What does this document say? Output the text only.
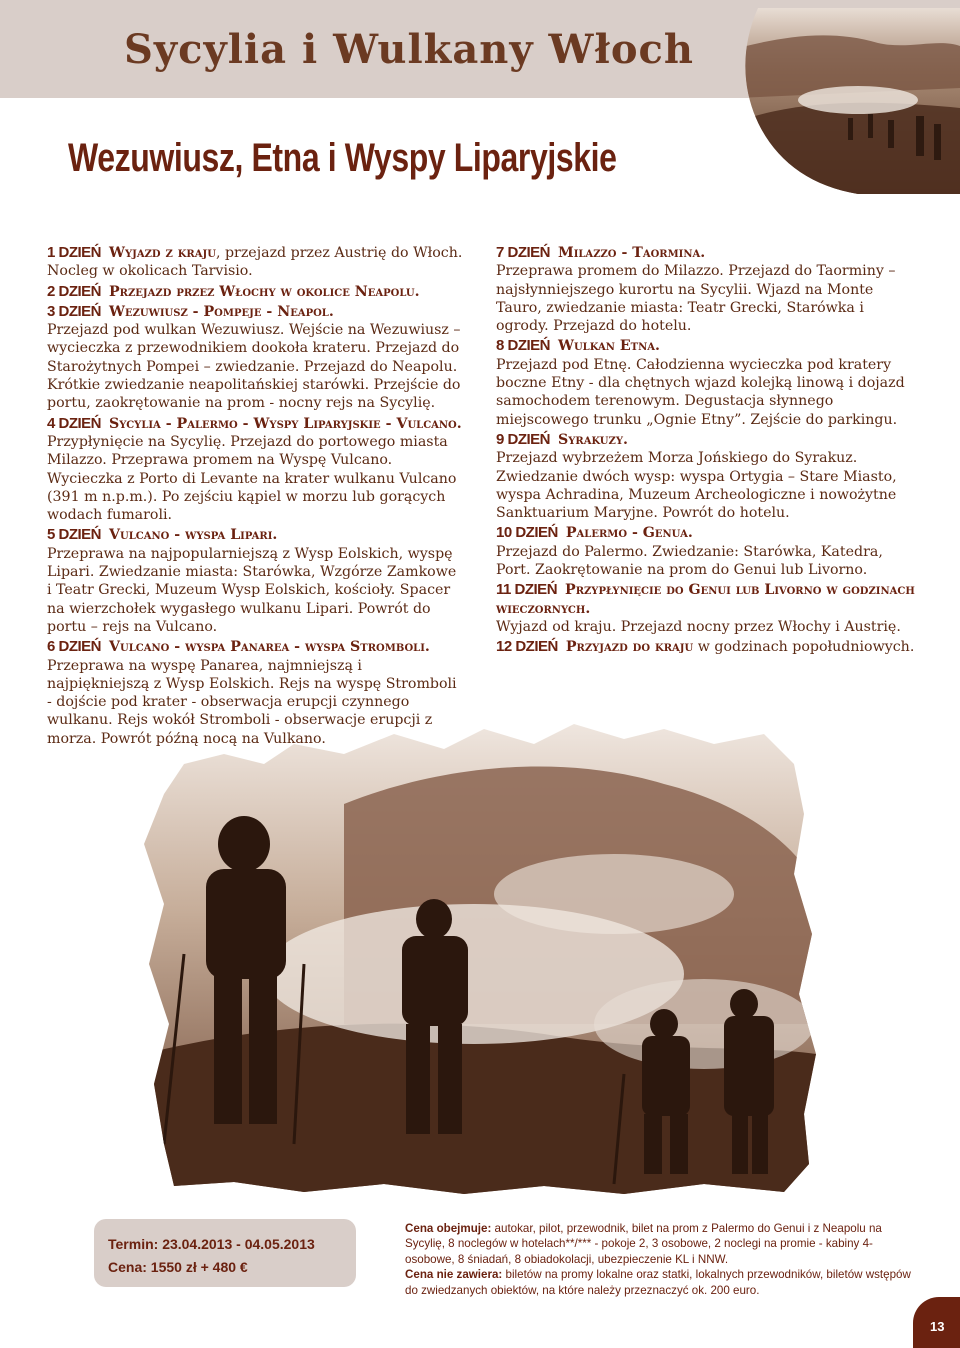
Sycylia i Wulkany Włoch
Wezuwiusz, Etna i Wyspy Liparyjskie
1 DZIEŃ Wyjazd z kraju, przejazd przez Austrię do Włoch. Nocleg w okolicach Tarvisio.
2 DZIEŃ Przejazd przez Włochy w okolice Neapolu.
3 DZIEŃ Wezuwiusz - Pompeje - Neapol.
Przejazd pod wulkan Wezuwiusz. Wejście na Wezuwiusz – wycieczka z przewodnikiem dookoła krateru. Przejazd do Starożytnych Pompei – zwiedzanie. Przejazd do Neapolu. Krótkie zwiedzanie neapolitańskiej starówki. Przejście do portu, zaokrętowanie na prom - nocny rejs na Sycylię.
4 DZIEŃ Sycylia - Palermo - Wyspy Liparyjskie - Vulcano.
Przypłynięcie na Sycylię. Przejazd do portowego miasta Milazzo. Przeprawa promem na Wyspę Vulcano. Wycieczka z Porto di Levante na krater wulkanu Vulcano (391 m n.p.m.). Po zejściu kąpiel w morzu lub gorących wodach fumaroli.
5 DZIEŃ Vulcano - wyspa Lipari.
Przeprawa na najpopularniejszą z Wysp Eolskich, wyspę Lipari. Zwiedzanie miasta: Starówka, Wzgórze Zamkowe i Teatr Grecki, Muzeum Wysp Eolskich, kościoły. Spacer na wierzchołek wygasłego wulkanu Lipari. Powrót do portu – rejs na Vulcano.
6 DZIEŃ Vulcano - wyspa Panarea - wyspa Stromboli.
Przeprawa na wyspę Panarea, najmniejszą i najpiękniejszą z Wysp Eolskich. Rejs na wyspę Stromboli - dojście pod krater - obserwacja erupcji czynnego wulkanu. Rejs wokół Stromboli - obserwacje erupcji z morza. Powrót późną nocą na Vulkano.
7 DZIEŃ Milazzo - Taormina.
Przeprawa promem do Milazzo. Przejazd do Taorminy – najsłynniejszego kurortu na Sycylii. Wjazd na Monte Tauro, zwiedzanie miasta: Teatr Grecki, Starówka i ogrody. Przejazd do hotelu.
8 DZIEŃ Wulkan Etna.
Przejazd pod Etnę. Całodzienna wycieczka pod kratery boczne Etny - dla chętnych wjazd kolejką linową i dojazd samochodem terenowym. Degustacja słynnego miejscowego trunku „Ognie Etny”. Zejście do parkingu.
9 DZIEŃ Syrakuzy.
Przejazd wybrzeżem Morza Jońskiego do Syrakuz. Zwiedzanie dwóch wysp: wyspa Ortygia – Stare Miasto, wyspa Achradina, Muzeum Archeologiczne i nowożytne Sanktuarium Maryjne. Powrót do hotelu.
10 DZIEŃ Palermo - Genua.
Przejazd do Palermo. Zwiedzanie: Starówka, Katedra, Port. Zaokrętowanie na prom do Genui lub Livorno.
11 DZIEŃ Przypłynięcie do Genui lub Livorno w godzinach wieczornych.
Wyjazd od kraju. Przejazd nocny przez Włochy i Austrię.
12 DZIEŃ Przyjazd do kraju w godzinach popołudniowych.
Termin: 23.04.2013 - 04.05.2013
Cena: 1550 zł + 480 €
Cena obejmuje: autokar, pilot, przewodnik, bilet na prom z Palermo do Genui i z Neapolu na Sycylię, 8 noclegów w hotelach**/*** - pokoje 2, 3 osobowe, 2 noclegi na promie - kabiny 4-osobowe, 8 śniadań, 8 obiadokolacji, ubezpieczenie KL i NNW.
Cena nie zawiera: biletów na promy lokalne oraz statki, lokalnych przewodników, biletów wstępów do zwiedzanych obiektów, na które należy przeznaczyć ok. 200 euro.
13
